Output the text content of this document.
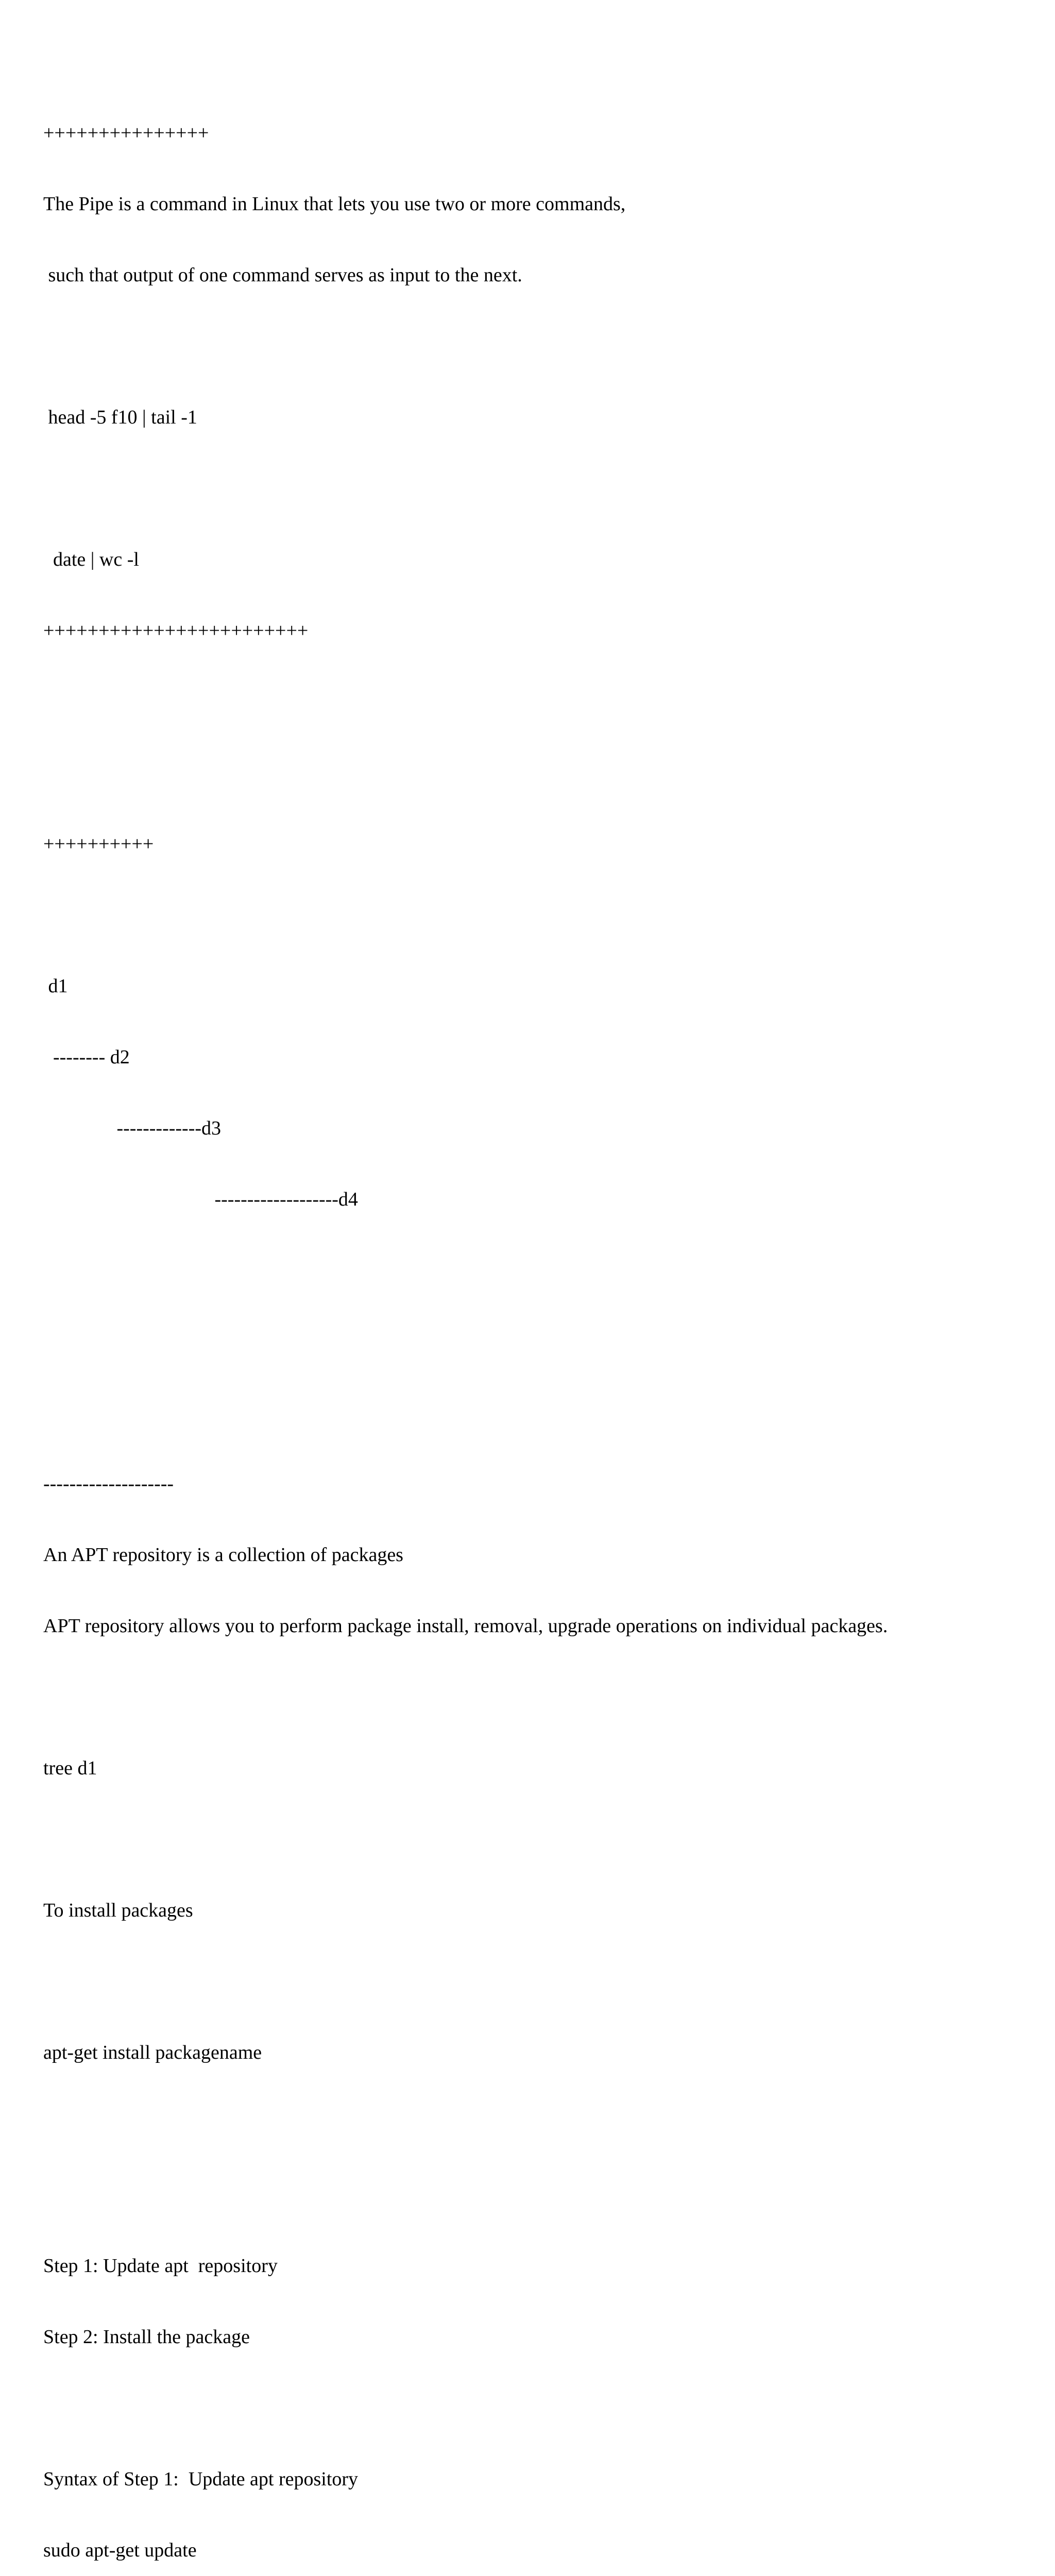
+++++++++++++++

The Pipe is a command in Linux that lets you use two or more commands,

such that output of one command serves as input to the next.

head -5 f10 | tail -1

date | wc -l

++++++++++++++++++++++++

++++++++++

d1

-------- d2

-------------d3

-------------------d4

--------------------

An APT repository is a collection of packages

APT repository allows you to perform package install, removal, upgrade operations on individual packages.

tree d1

To install packages

apt-get install packagename

Step 1: Update apt  repository

Step 2: Install the package

Syntax of Step 1:  Update apt repository

sudo apt-get update
